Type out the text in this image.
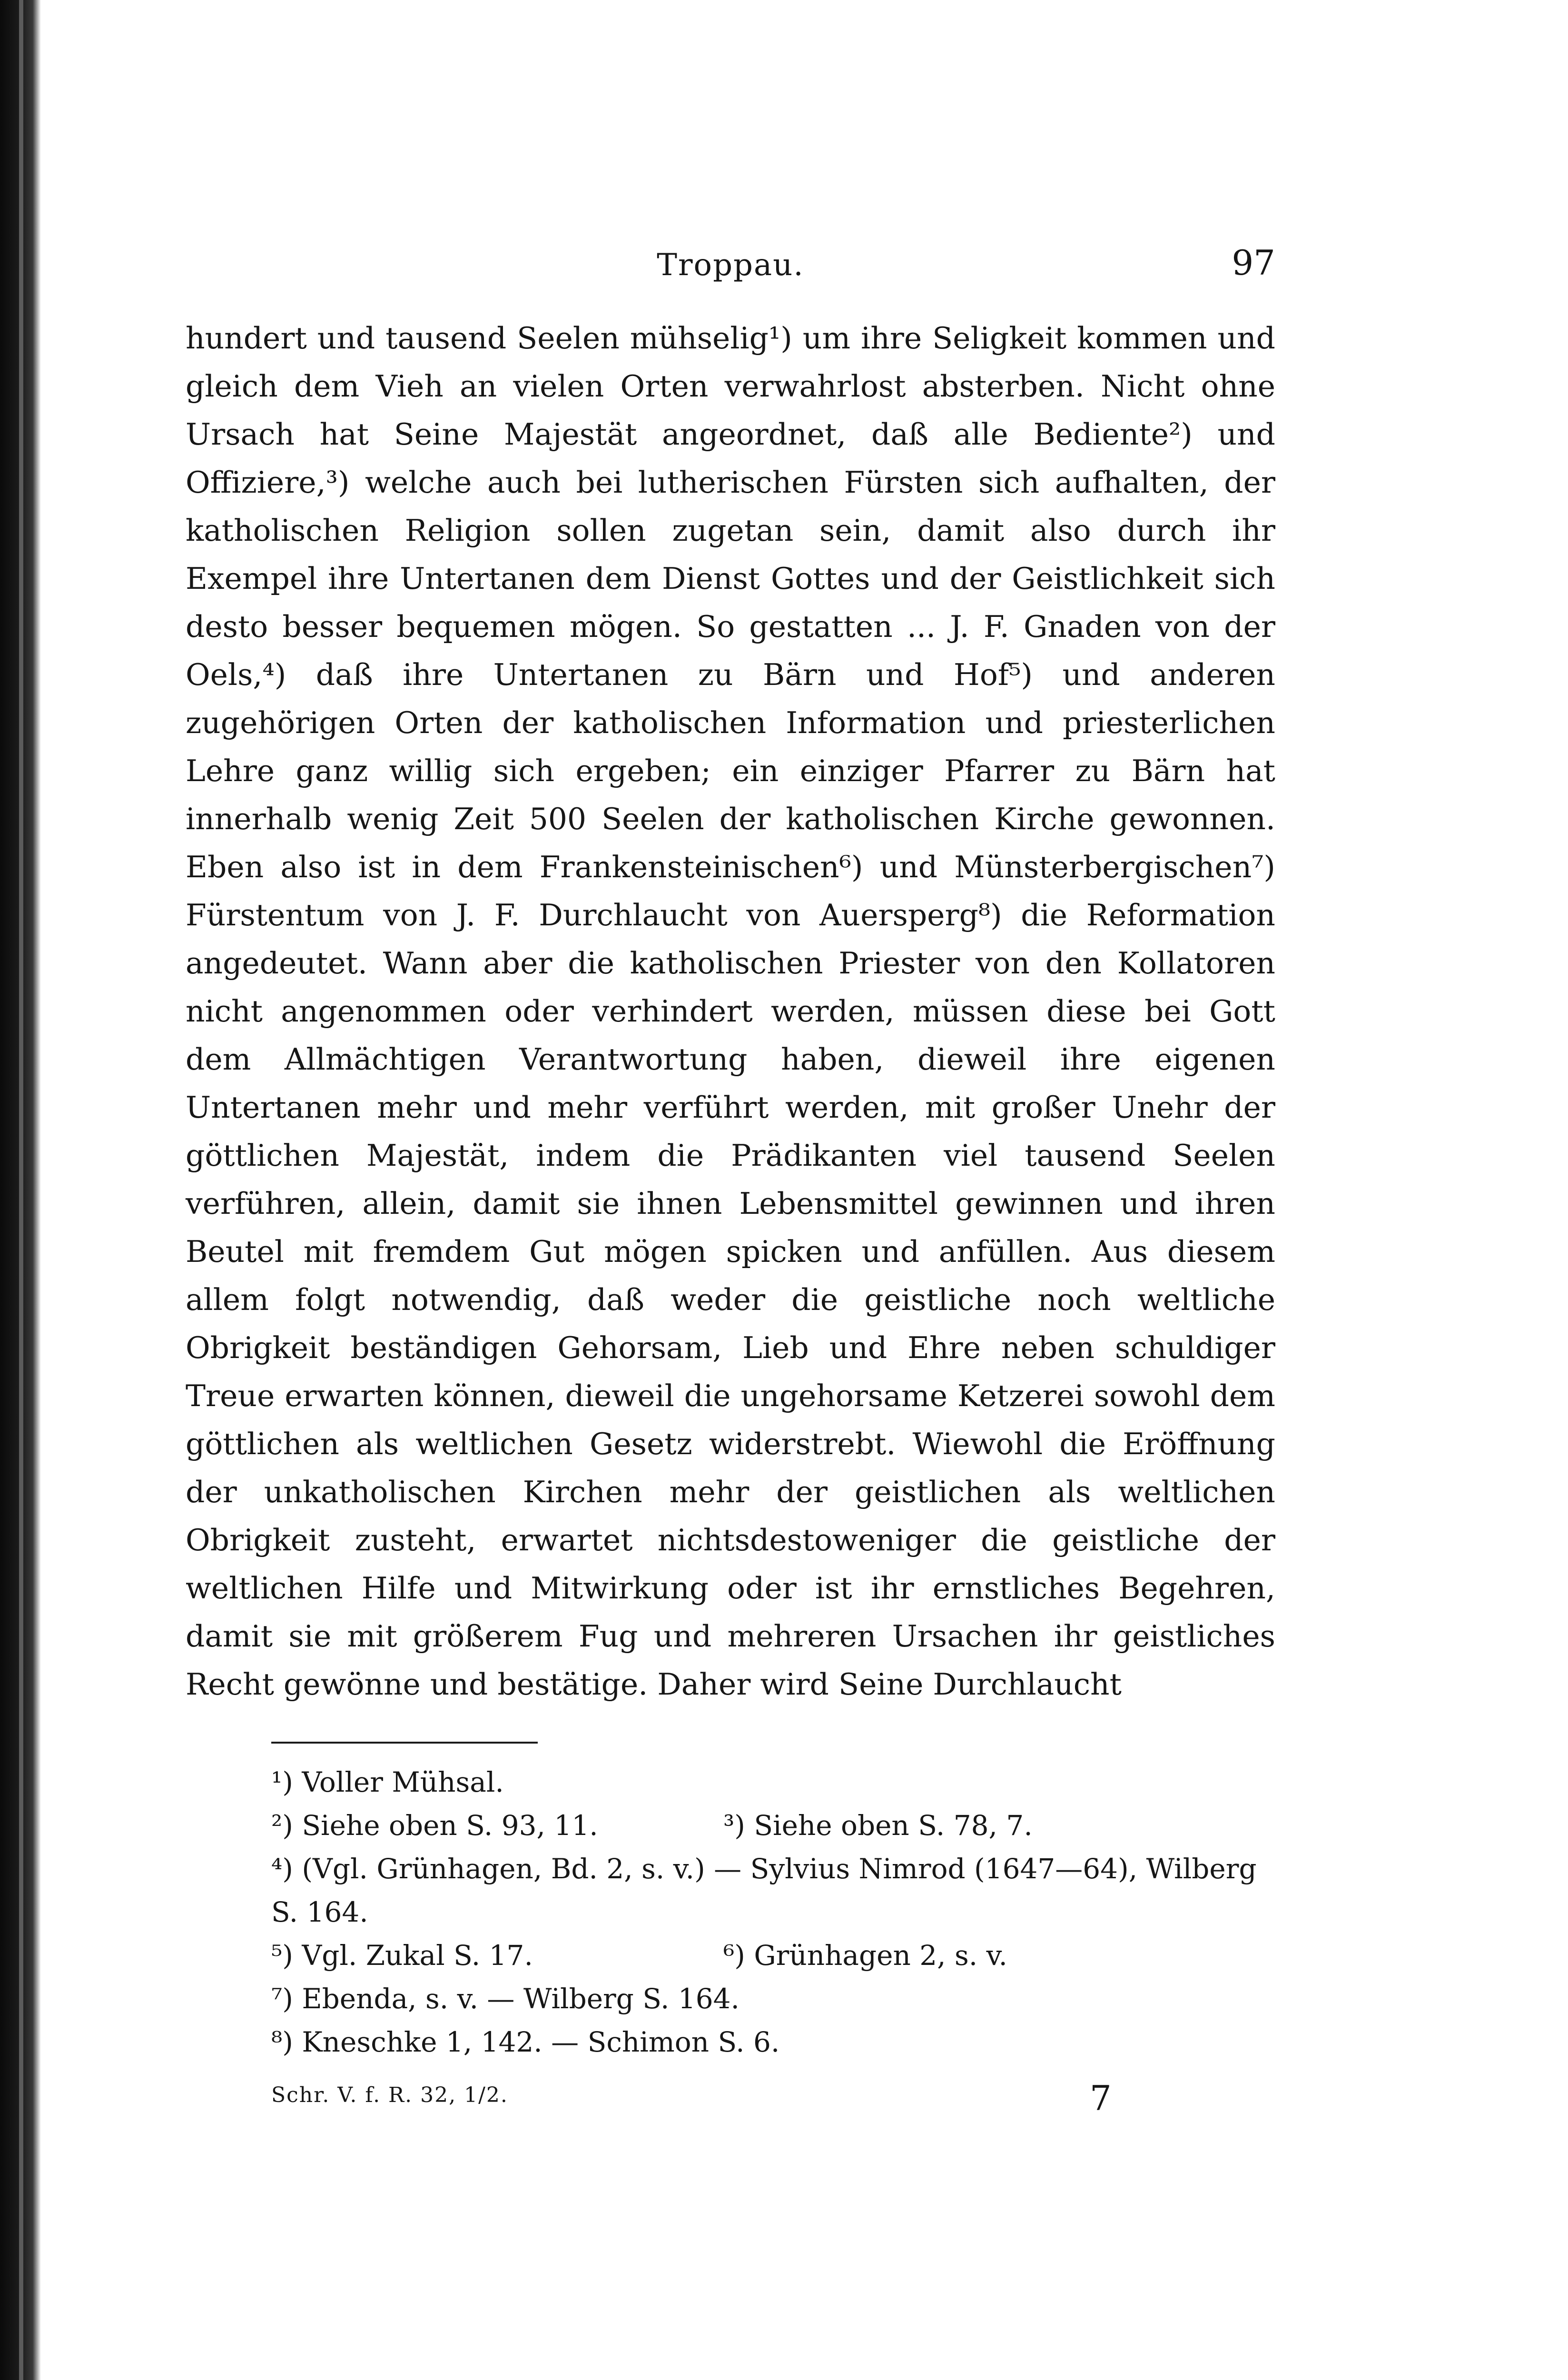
Troppau.	97
hundert und tausend Seelen mühselig¹) um ihre Seligkeit kommen und gleich dem Vieh an vielen Orten verwahrlost absterben. Nicht ohne Ursach hat Seine Majestät angeordnet, daß alle Bediente²) und Offiziere,³) welche auch bei lutherischen Fürsten sich aufhalten, der katholischen Religion sollen zugetan sein, damit also durch ihr Exempel ihre Untertanen dem Dienst Gottes und der Geistlichkeit sich desto besser bequemen mögen. So gestatten ... J. F. Gnaden von der Oels,⁴) daß ihre Untertanen zu Bärn und Hof⁵) und anderen zugehörigen Orten der katholischen Information und priesterlichen Lehre ganz willig sich ergeben; ein einziger Pfarrer zu Bärn hat innerhalb wenig Zeit 500 Seelen der katholischen Kirche gewonnen. Eben also ist in dem Frankensteinischen⁶) und Münsterbergischen⁷) Fürstentum von J. F. Durchlaucht von Auersperg⁸) die Reformation angedeutet. Wann aber die katholischen Priester von den Kollatoren nicht angenommen oder verhindert werden, müssen diese bei Gott dem Allmächtigen Verantwortung haben, dieweil ihre eigenen Untertanen mehr und mehr verführt werden, mit großer Unehr der göttlichen Majestät, indem die Prädikanten viel tausend Seelen verführen, allein, damit sie ihnen Lebensmittel gewinnen und ihren Beutel mit fremdem Gut mögen spicken und anfüllen. Aus diesem allem folgt notwendig, daß weder die geistliche noch weltliche Obrigkeit beständigen Gehorsam, Lieb und Ehre neben schuldiger Treue erwarten können, dieweil die ungehorsame Ketzerei sowohl dem göttlichen als weltlichen Gesetz widerstrebt. Wiewohl die Eröffnung der unkatholischen Kirchen mehr der geistlichen als weltlichen Obrigkeit zusteht, erwartet nichtsdestoweniger die geistliche der weltlichen Hilfe und Mitwirkung oder ist ihr ernstliches Begehren, damit sie mit größerem Fug und mehreren Ursachen ihr geistliches Recht gewönne und bestätige. Daher wird Seine Durchlaucht
¹) Voller Mühsal.
²) Siehe oben S. 93, 11.	³) Siehe oben S. 78, 7.
⁴) (Vgl. Grünhagen, Bd. 2, s. v.) — Sylvius Nimrod (1647—64), Wilberg S. 164.
⁵) Vgl. Zukal S. 17.	⁶) Grünhagen 2, s. v.
⁷) Ebenda, s. v. — Wilberg S. 164.
⁸) Kneschke 1, 142. — Schimon S. 6.
Schr. V. f. R. 32, 1/2.	7
